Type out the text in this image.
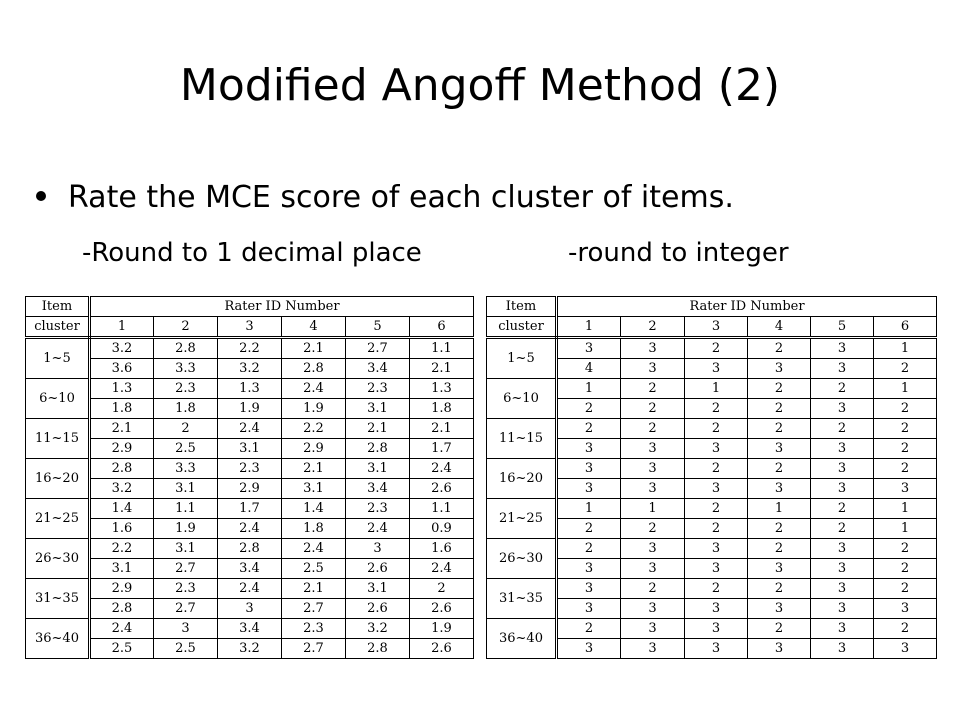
Modified Angoff Method (2)
Rate the MCE score of each cluster of items.
-Round to 1 decimal place	-round to integer
Item	Rater ID Number					
cluster	1	2	3	4	5	6
1~5	3.2	2.8	2.2	2.1	2.7	1.1
	3.6	3.3	3.2	2.8	3.4	2.1
6~10	1.3	2.3	1.3	2.4	2.3	1.3
	1.8	1.8	1.9	1.9	3.1	1.8
11~15	2.1	2	2.4	2.2	2.1	2.1
	2.9	2.5	3.1	2.9	2.8	1.7
16~20	2.8	3.3	2.3	2.1	3.1	2.4
	3.2	3.1	2.9	3.1	3.4	2.6
21~25	1.4	1.1	1.7	1.4	2.3	1.1
	1.6	1.9	2.4	1.8	2.4	0.9
26~30	2.2	3.1	2.8	2.4	3	1.6
	3.1	2.7	3.4	2.5	2.6	2.4
31~35	2.9	2.3	2.4	2.1	3.1	2
	2.8	2.7	3	2.7	2.6	2.6
36~40	2.4	3	3.4	2.3	3.2	1.9
	2.5	2.5	3.2	2.7	2.8	2.6
Item	Rater ID Number					
cluster	1	2	3	4	5	6
1~5	3	3	2	2	3	1
	4	3	3	3	3	2
6~10	1	2	1	2	2	1
	2	2	2	2	3	2
11~15	2	2	2	2	2	2
	3	3	3	3	3	2
16~20	3	3	2	2	3	2
	3	3	3	3	3	3
21~25	1	1	2	1	2	1
	2	2	2	2	2	1
26~30	2	3	3	2	3	2
	3	3	3	3	3	2
31~35	3	2	2	2	3	2
	3	3	3	3	3	3
36~40	2	3	3	2	3	2
	3	3	3	3	3	3
